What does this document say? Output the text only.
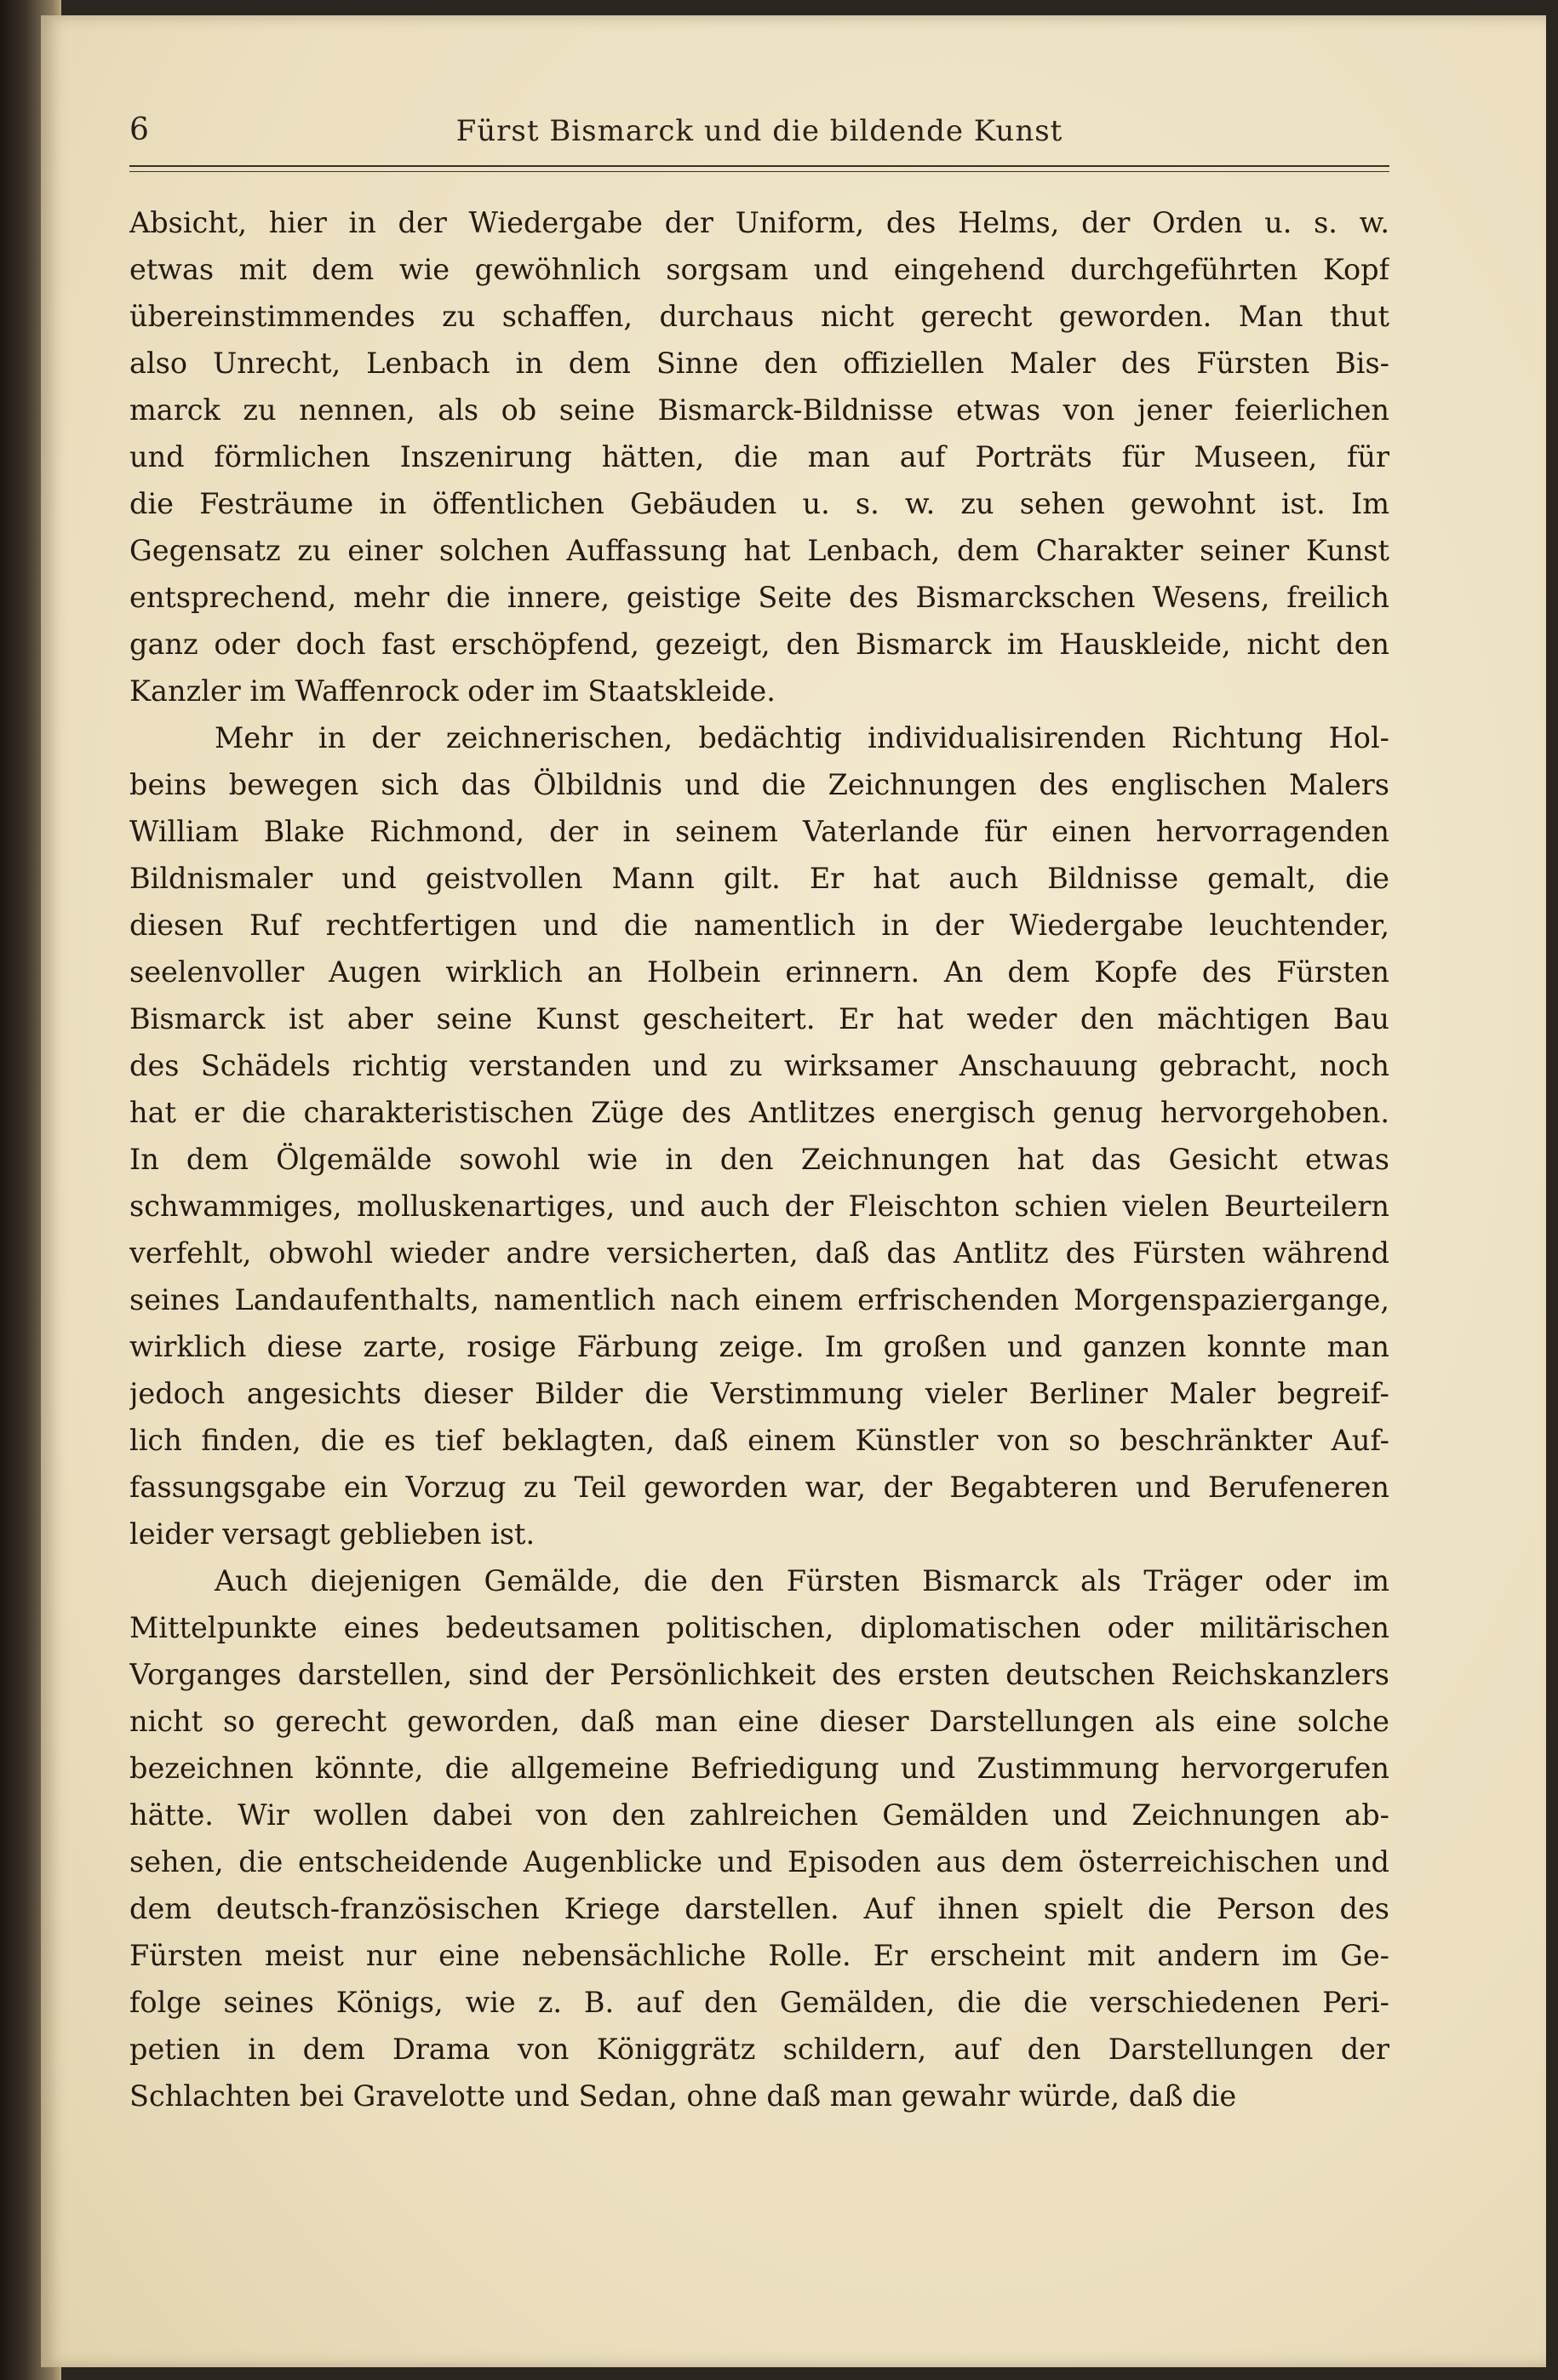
6	Fürst Bismarck und die bildende Kunst
Absicht, hier in der Wiedergabe der Uniform, des Helms, der Orden u. s. w.
etwas mit dem wie gewöhnlich sorgsam und eingehend durchgeführten Kopf
übereinstimmendes zu schaffen, durchaus nicht gerecht geworden. Man thut
also Unrecht, Lenbach in dem Sinne den offiziellen Maler des Fürsten Bis-
marck zu nennen, als ob seine Bismarck-Bildnisse etwas von jener feierlichen
und förmlichen Inszenirung hätten, die man auf Porträts für Museen, für
die Festräume in öffentlichen Gebäuden u. s. w. zu sehen gewohnt ist. Im
Gegensatz zu einer solchen Auffassung hat Lenbach, dem Charakter seiner Kunst
entsprechend, mehr die innere, geistige Seite des Bismarckschen Wesens, freilich
ganz oder doch fast erschöpfend, gezeigt, den Bismarck im Hauskleide, nicht den
Kanzler im Waffenrock oder im Staatskleide.
Mehr in der zeichnerischen, bedächtig individualisirenden Richtung Hol-
beins bewegen sich das Ölbildnis und die Zeichnungen des englischen Malers
William Blake Richmond, der in seinem Vaterlande für einen hervorragenden
Bildnismaler und geistvollen Mann gilt. Er hat auch Bildnisse gemalt, die
diesen Ruf rechtfertigen und die namentlich in der Wiedergabe leuchtender,
seelenvoller Augen wirklich an Holbein erinnern. An dem Kopfe des Fürsten
Bismarck ist aber seine Kunst gescheitert. Er hat weder den mächtigen Bau
des Schädels richtig verstanden und zu wirksamer Anschauung gebracht, noch
hat er die charakteristischen Züge des Antlitzes energisch genug hervorgehoben.
In dem Ölgemälde sowohl wie in den Zeichnungen hat das Gesicht etwas
schwammiges, molluskenartiges, und auch der Fleischton schien vielen Beurteilern
verfehlt, obwohl wieder andre versicherten, daß das Antlitz des Fürsten während
seines Landaufenthalts, namentlich nach einem erfrischenden Morgenspaziergange,
wirklich diese zarte, rosige Färbung zeige. Im großen und ganzen konnte man
jedoch angesichts dieser Bilder die Verstimmung vieler Berliner Maler begreif-
lich finden, die es tief beklagten, daß einem Künstler von so beschränkter Auf-
fassungsgabe ein Vorzug zu Teil geworden war, der Begabteren und Berufeneren
leider versagt geblieben ist.
Auch diejenigen Gemälde, die den Fürsten Bismarck als Träger oder im
Mittelpunkte eines bedeutsamen politischen, diplomatischen oder militärischen
Vorganges darstellen, sind der Persönlichkeit des ersten deutschen Reichskanzlers
nicht so gerecht geworden, daß man eine dieser Darstellungen als eine solche
bezeichnen könnte, die allgemeine Befriedigung und Zustimmung hervorgerufen
hätte. Wir wollen dabei von den zahlreichen Gemälden und Zeichnungen ab-
sehen, die entscheidende Augenblicke und Episoden aus dem österreichischen und
dem deutsch-französischen Kriege darstellen. Auf ihnen spielt die Person des
Fürsten meist nur eine nebensächliche Rolle. Er erscheint mit andern im Ge-
folge seines Königs, wie z. B. auf den Gemälden, die die verschiedenen Peri-
petien in dem Drama von Königgrätz schildern, auf den Darstellungen der
Schlachten bei Gravelotte und Sedan, ohne daß man gewahr würde, daß die
